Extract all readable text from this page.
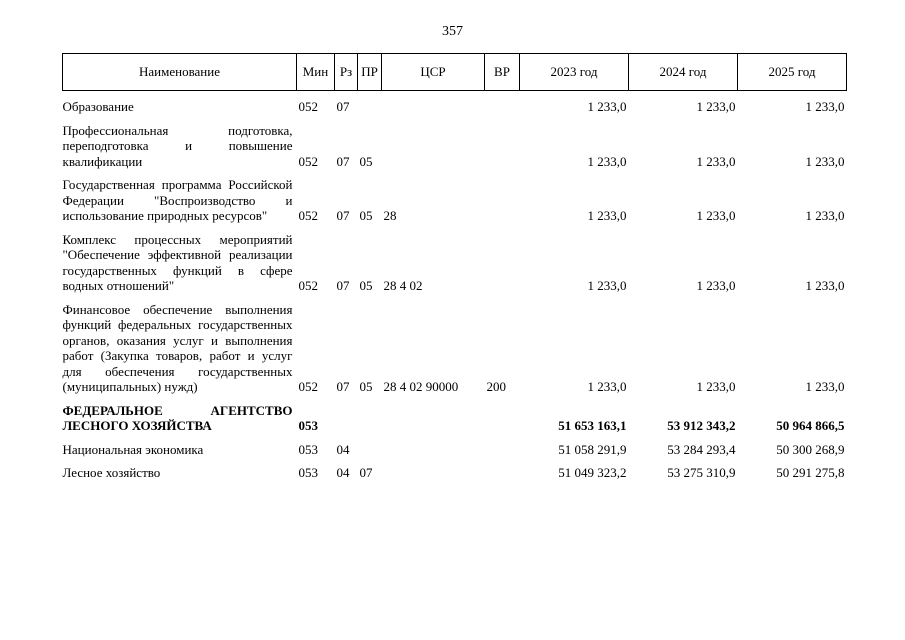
357
Наименование	Мин	Рз	ПР	ЦСР	ВР	2023 год	2024 год	2025 год

Образование	052	07				1 233,0	1 233,0	1 233,0

Профессиональная подготовка, переподготовка и повышение квалификации	052	07	05			1 233,0	1 233,0	1 233,0

Государственная программа Российской Федерации "Воспроизводство и использование природных ресурсов"	052	07	05	28		1 233,0	1 233,0	1 233,0

Комплекс процессных мероприятий "Обеспечение эффективной реализации государственных функций в сфере водных отношений"	052	07	05	28 4 02		1 233,0	1 233,0	1 233,0

Финансовое обеспечение выполнения функций федеральных государственных органов, оказания услуг и выполнения работ (Закупка товаров, работ и услуг для обеспечения государственных (муниципальных) нужд)	052	07	05	28 4 02 90000	200	1 233,0	1 233,0	1 233,0

ФЕДЕРАЛЬНОЕ АГЕНТСТВО ЛЕСНОГО ХОЗЯЙСТВА	053					51 653 163,1	53 912 343,2	50 964 866,5

Национальная экономика	053	04				51 058 291,9	53 284 293,4	50 300 268,9

Лесное хозяйство	053	04	07			51 049 323,2	53 275 310,9	50 291 275,8
